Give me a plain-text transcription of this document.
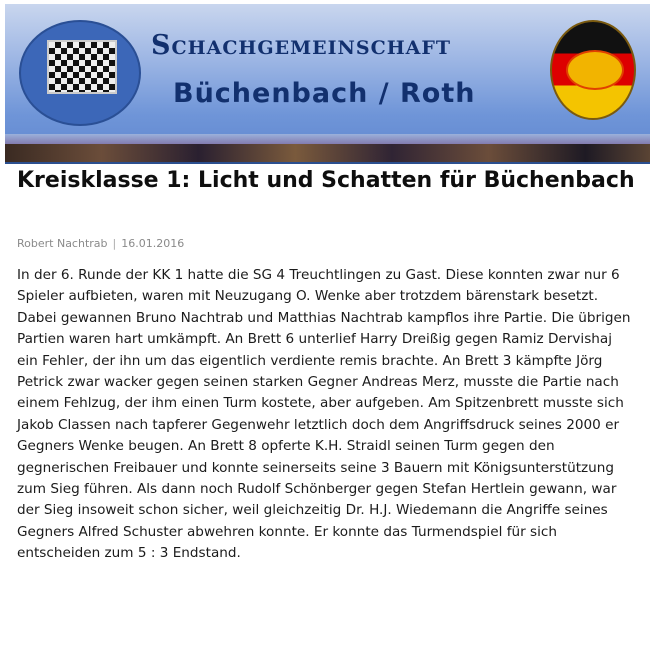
Schachgemeinschaft
Büchenbach / Roth
Kreisklasse 1: Licht und Schatten für Büchenbach
Robert Nachtrab | 16.01.2016

In der 6. Runde der KK 1 hatte die SG 4 Treuchtlingen zu Gast. Diese konnten zwar nur 6 Spieler aufbieten, waren mit Neuzugang O. Wenke aber trotzdem bärenstark besetzt. Dabei gewannen Bruno Nachtrab und Matthias Nachtrab kampflos ihre Partie. Die übrigen Partien waren hart umkämpft. An Brett 6 unterlief Harry Dreißig gegen Ramiz Dervishaj ein Fehler, der ihn um das eigentlich verdiente remis brachte. An Brett 3 kämpfte Jörg Petrick zwar wacker gegen seinen starken Gegner Andreas Merz, musste die Partie nach einem Fehlzug, der ihm einen Turm kostete, aber aufgeben. Am Spitzenbrett musste sich Jakob Classen nach tapferer Gegenwehr letztlich doch dem Angriffsdruck seines 2000 er Gegners Wenke beugen. An Brett 8 opferte K.H. Straidl seinen Turm gegen den gegnerischen Freibauer und konnte seinerseits seine 3 Bauern mit Königsunterstützung zum Sieg führen. Als dann noch Rudolf Schönberger gegen Stefan Hertlein gewann, war der Sieg insoweit schon sicher, weil gleichzeitig Dr. H.J. Wiedemann die Angriffe seines Gegners Alfred Schuster abwehren konnte. Er konnte das Turmendspiel für sich entscheiden zum 5 : 3 Endstand.
